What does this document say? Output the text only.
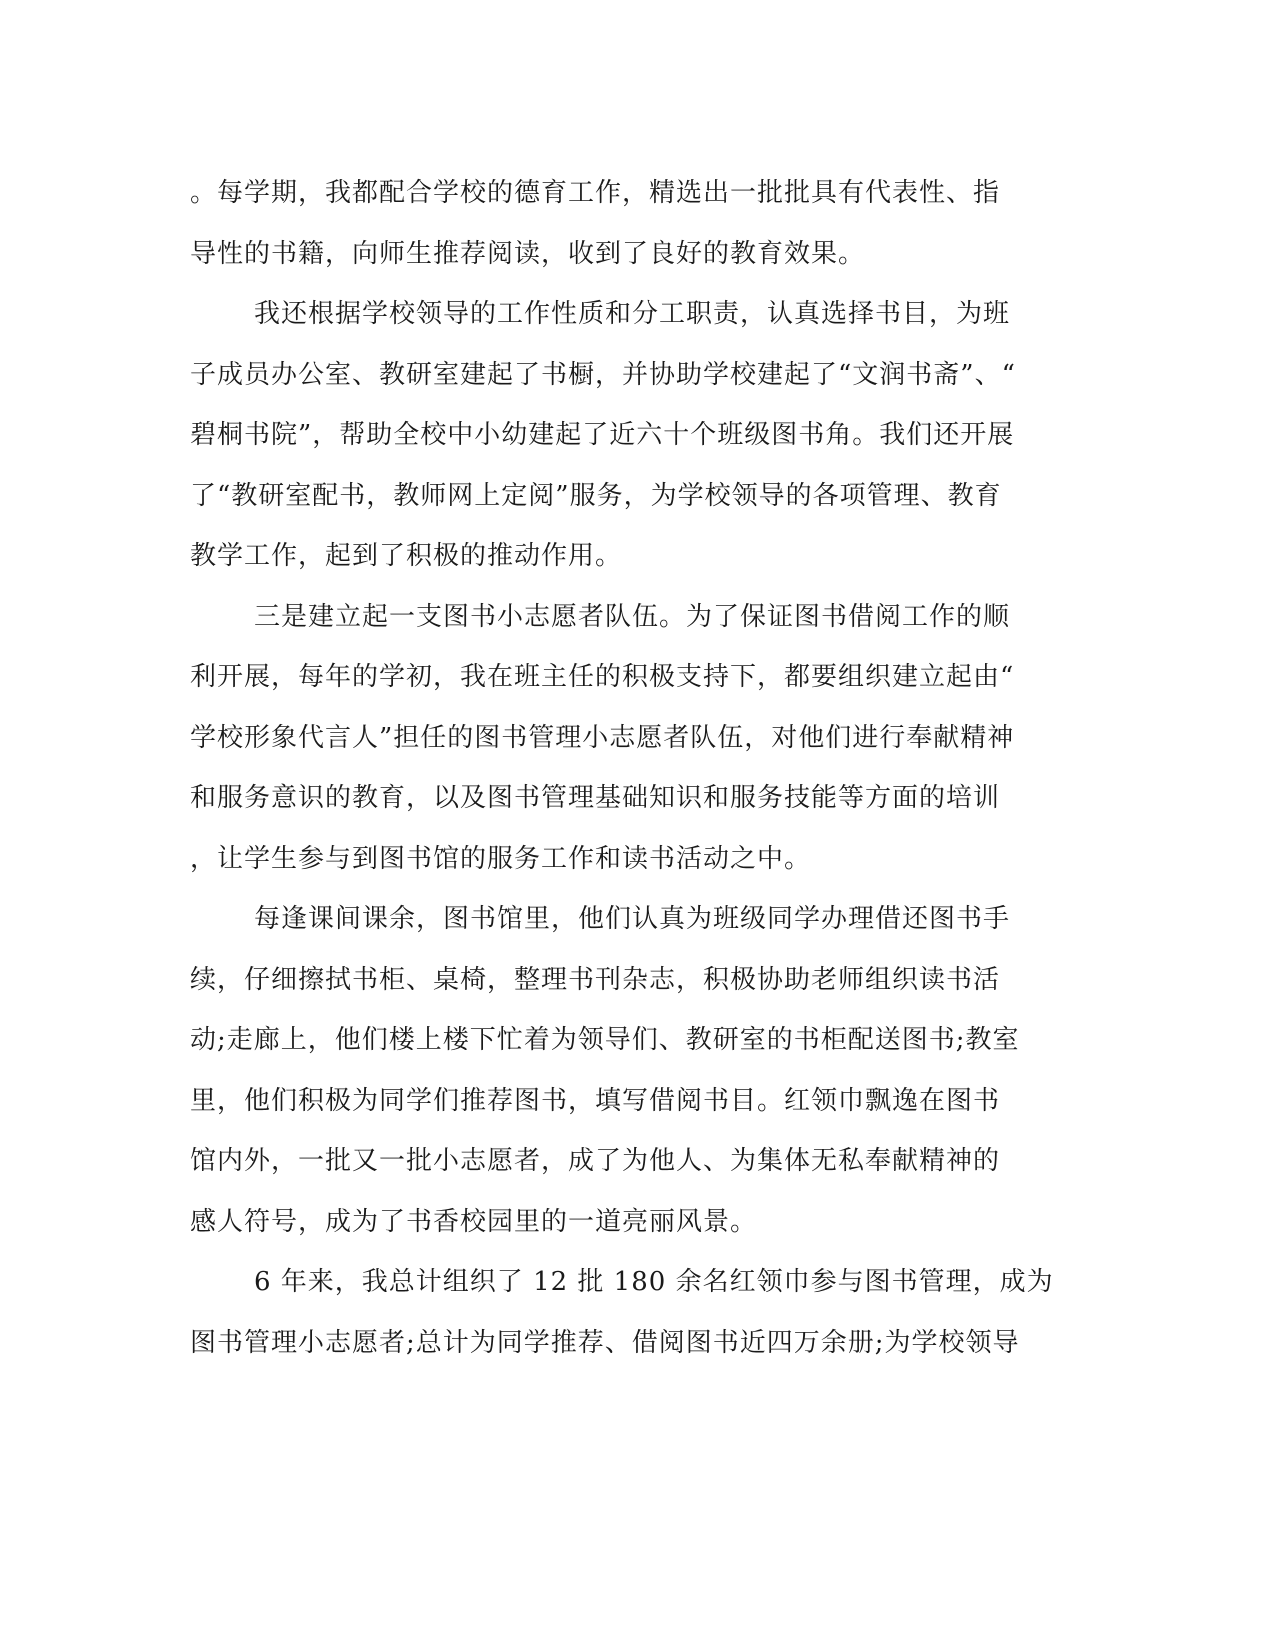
。每学期，我都配合学校的德育工作，精选出一批批具有代表性、指
导性的书籍，向师生推荐阅读，收到了良好的教育效果。
我还根据学校领导的工作性质和分工职责，认真选择书目，为班
子成员办公室、教研室建起了书橱，并协助学校建起了“文润书斋”、“
碧桐书院”，帮助全校中小幼建起了近六十个班级图书角。我们还开展
了“教研室配书，教师网上定阅”服务，为学校领导的各项管理、教育
教学工作，起到了积极的推动作用。
三是建立起一支图书小志愿者队伍。为了保证图书借阅工作的顺
利开展，每年的学初，我在班主任的积极支持下，都要组织建立起由“
学校形象代言人”担任的图书管理小志愿者队伍，对他们进行奉献精神
和服务意识的教育，以及图书管理基础知识和服务技能等方面的培训
，让学生参与到图书馆的服务工作和读书活动之中。
每逢课间课余，图书馆里，他们认真为班级同学办理借还图书手
续，仔细擦拭书柜、桌椅，整理书刊杂志，积极协助老师组织读书活
动;走廊上，他们楼上楼下忙着为领导们、教研室的书柜配送图书;教室
里，他们积极为同学们推荐图书，填写借阅书目。红领巾飘逸在图书
馆内外，一批又一批小志愿者，成了为他人、为集体无私奉献精神的
感人符号，成为了书香校园里的一道亮丽风景。
6 年来，我总计组织了 12 批 180 余名红领巾参与图书管理，成为
图书管理小志愿者;总计为同学推荐、借阅图书近四万余册;为学校领导
